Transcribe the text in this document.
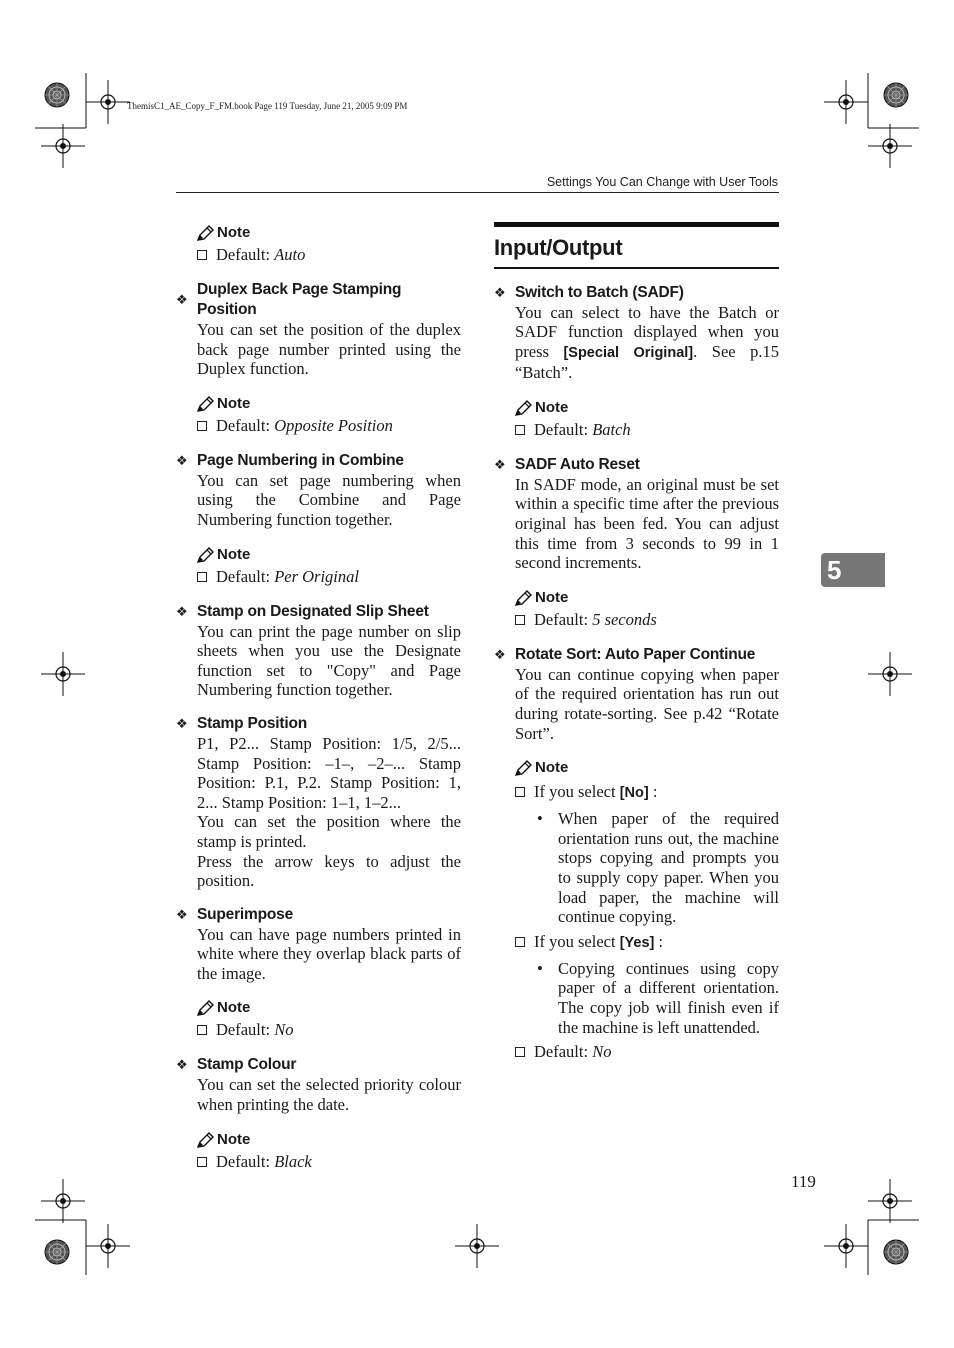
ThemisC1_AE_Copy_F_FM.book Page 119 Tuesday, June 21, 2005 9:09 PM
Settings You Can Change with User Tools
Note
Default: Auto
❖
Duplex Back Page Stamping Position
You can set the position of the duplex back page number printed using the Duplex function.
Note
Default: Opposite Position
❖ Page Numbering in Combine
You can set page numbering when using the Combine and Page Numbering function together.
Note
Default: Per Original
❖ Stamp on Designated Slip Sheet
You can print the page number on slip sheets when you use the Designate function set to "Copy" and Page Numbering function together.
❖ Stamp Position

P1, P2... Stamp Position: 1/5, 2/5... Stamp Position: –1–, –2–... Stamp Position: P.1, P.2. Stamp Position: 1, 2... Stamp Position: 1–1, 1–2...

You can set the position where the stamp is printed.

Press the arrow keys to adjust the position.

❖ Superimpose
You can have page numbers printed in white where they overlap black parts of the image.
Note
Default: No
❖ Stamp Colour
You can set the selected priority colour when printing the date.
Note
Default: Black
Input/Output
❖ Switch to Batch (SADF)
You can select to have the Batch or SADF function displayed when you press [Special Original]. See p.15 “Batch”.
Note
Default: Batch
❖ SADF Auto Reset
In SADF mode, an original must be set within a specific time after the previous original has been fed. You can adjust this time from 3 seconds to 99 in 1 second increments.
Note
Default: 5 seconds
❖ Rotate Sort: Auto Paper Continue
You can continue copying when paper of the required orientation has run out during rotate-sorting. See p.42 “Rotate Sort”.
Note
If you select [No] :
• When paper of the required orientation runs out, the machine stops copying and prompts you to supply copy paper. When you load paper, the machine will continue copying.
If you select [Yes] :
• Copying continues using copy paper of a different orientation. The copy job will finish even if the machine is left unattended.
Default: No
5
119
